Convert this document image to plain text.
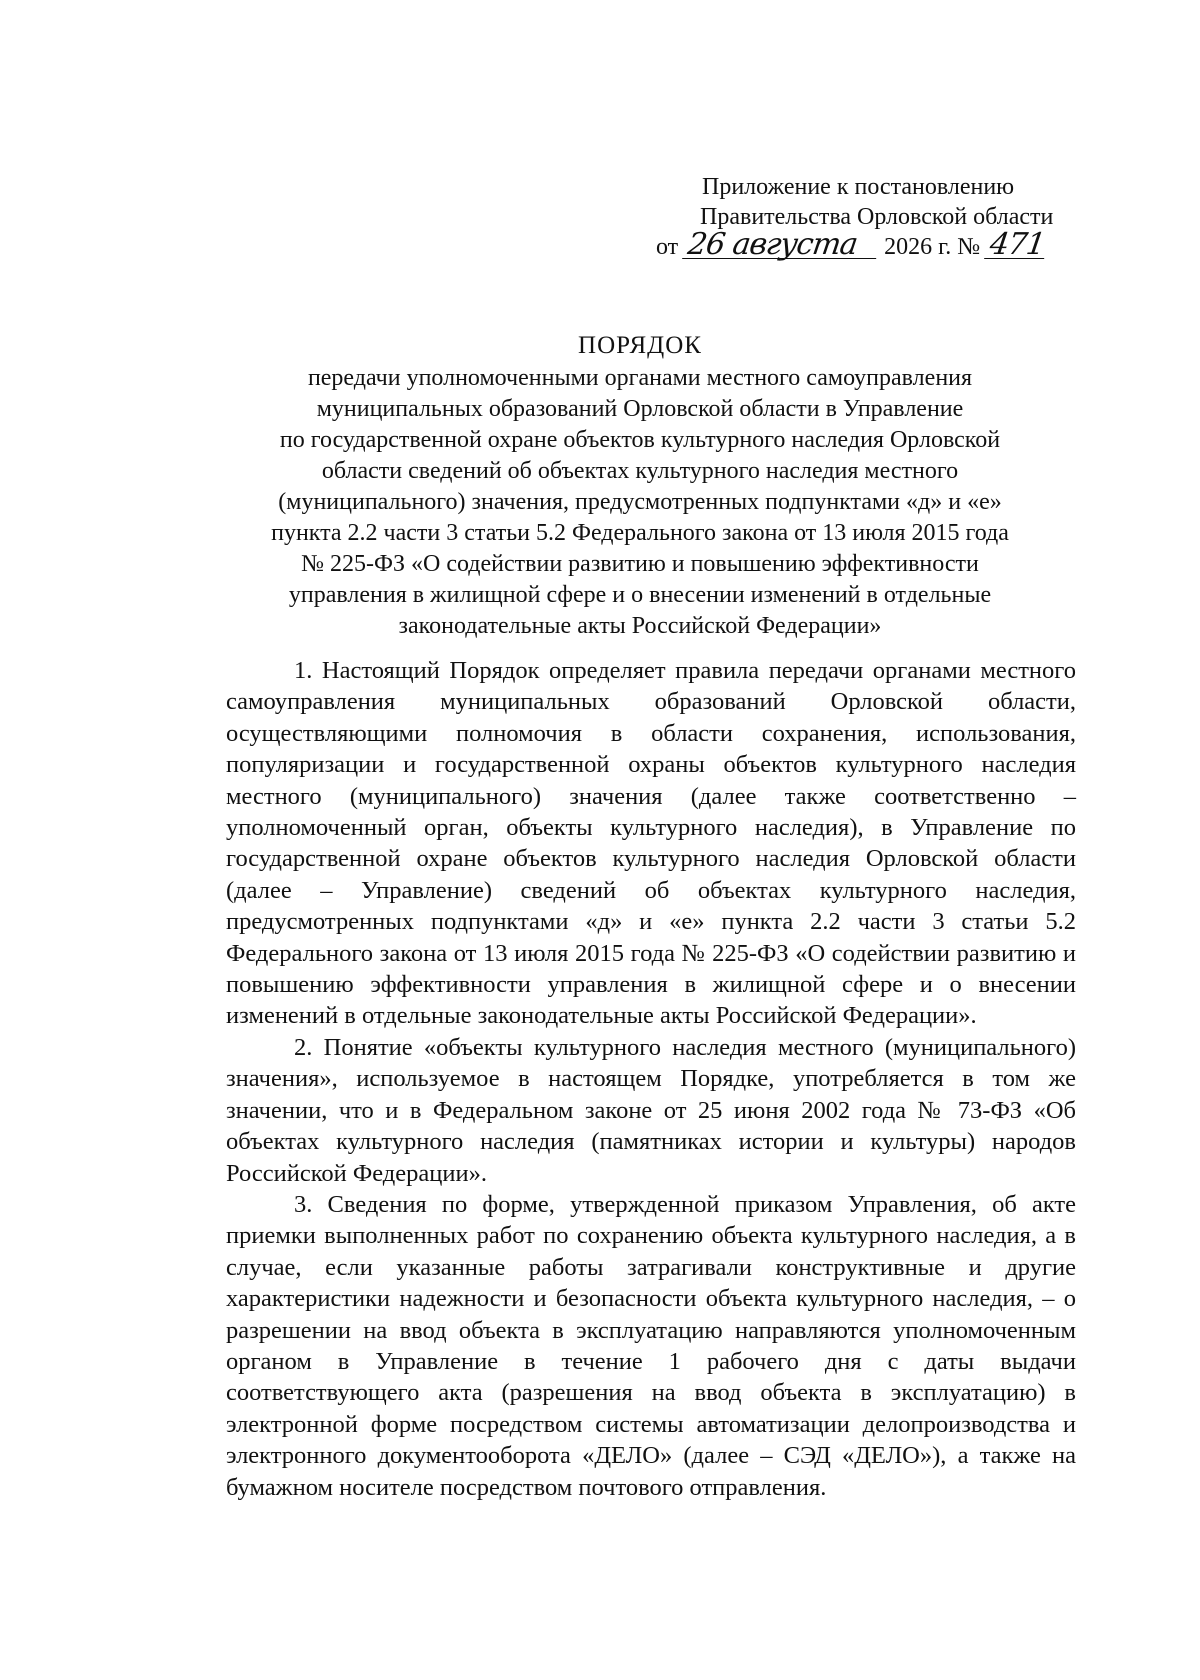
Приложение к постановлению
Правительства Орловской области
от 26 августа 2026 г. № 471
ПОРЯДОК
передачи уполномоченными органами местного самоуправления
муниципальных образований Орловской области в Управление
по государственной охране объектов культурного наследия Орловской
области сведений об объектах культурного наследия местного
(муниципального) значения, предусмотренных подпунктами «д» и «е»
пункта 2.2 части 3 статьи 5.2 Федерального закона от 13 июля 2015 года
№ 225-ФЗ «О содействии развитию и повышению эффективности
управления в жилищной сфере и о внесении изменений в отдельные
законодательные акты Российской Федерации»

1. Настоящий Порядок определяет правила передачи органами местного самоуправления муниципальных образований Орловской области, осуществляющими полномочия в области сохранения, использования, популяризации и государственной охраны объектов культурного наследия местного (муниципального) значения (далее также соответственно – уполномоченный орган, объекты культурного наследия), в Управление по государственной охране объектов культурного наследия Орловской области (далее – Управление) сведений об объектах культурного наследия, предусмотренных подпунктами «д» и «е» пункта 2.2 части 3 статьи 5.2 Федерального закона от 13 июля 2015 года № 225-ФЗ «О содействии развитию и повышению эффективности управления в жилищной сфере и о внесении изменений в отдельные законодательные акты Российской Федерации».

2. Понятие «объекты культурного наследия местного (муниципального) значения», используемое в настоящем Порядке, употребляется в том же значении, что и в Федеральном законе от 25 июня 2002 года № 73-ФЗ «Об объектах культурного наследия (памятниках истории и культуры) народов Российской Федерации».

3. Сведения по форме, утвержденной приказом Управления, об акте приемки выполненных работ по сохранению объекта культурного наследия, а в случае, если указанные работы затрагивали конструктивные и другие характеристики надежности и безопасности объекта культурного наследия, – о разрешении на ввод объекта в эксплуатацию направляются уполномоченным органом в Управление в течение 1 рабочего дня с даты выдачи соответствующего акта (разрешения на ввод объекта в эксплуатацию) в электронной форме посредством системы автоматизации делопроизводства и электронного документооборота «ДЕЛО» (далее – СЭД «ДЕЛО»), а также на бумажном носителе посредством почтового отправления.
